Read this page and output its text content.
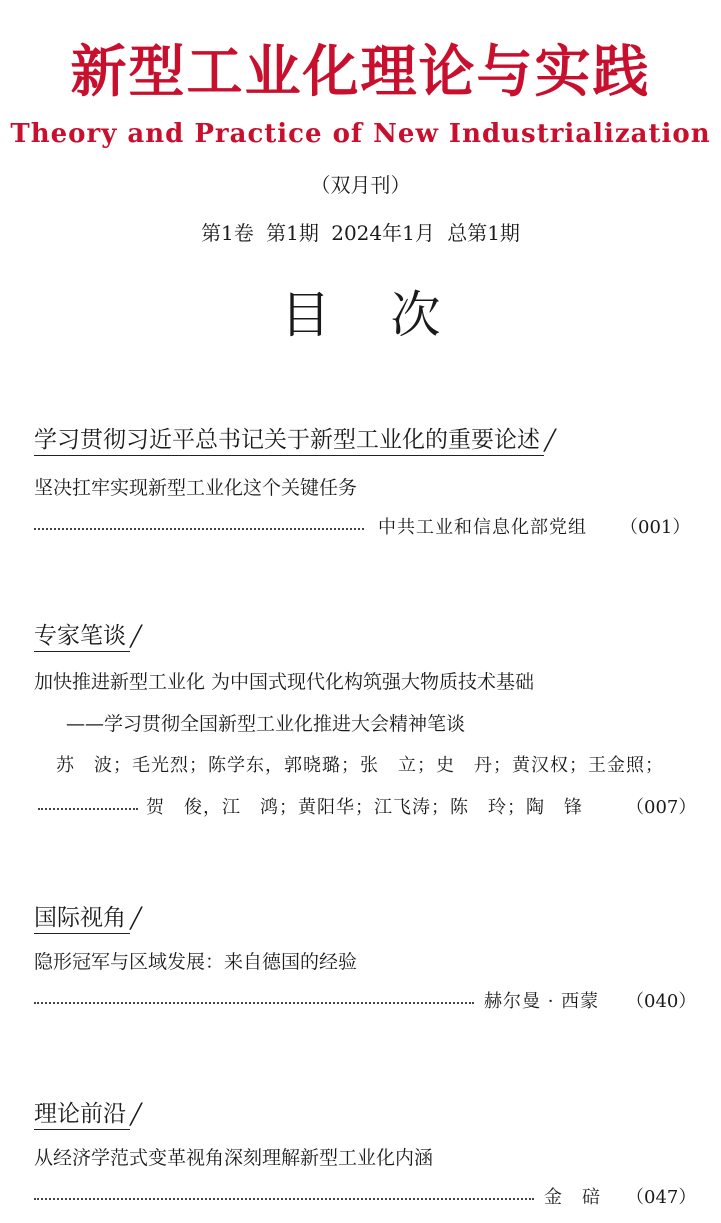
新型工业化理论与实践
Theory and Practice of New Industrialization
（双月刊）
第1卷 第1期 2024年1月 总第1期
目 次
学习贯彻习近平总书记关于新型工业化的重要论述 ╱
坚决扛牢实现新型工业化这个关键任务
中共工业和信息化部党组 （001）
专家笔谈 ╱
加快推进新型工业化 为中国式现代化构筑强大物质技术基础
——学习贯彻全国新型工业化推进大会精神笔谈
苏　波；毛光烈；陈学东，郭晓璐；张　立；史　丹；黄汉权；王金照；
贺　俊，江　鸿；黄阳华；江飞涛；陈　玲；陶　锋 （007）
国际视角 ╱
隐形冠军与区域发展：来自德国的经验
赫尔曼 · 西蒙 （040）
理论前沿 ╱
从经济学范式变革视角深刻理解新型工业化内涵
金　碚 （047）
